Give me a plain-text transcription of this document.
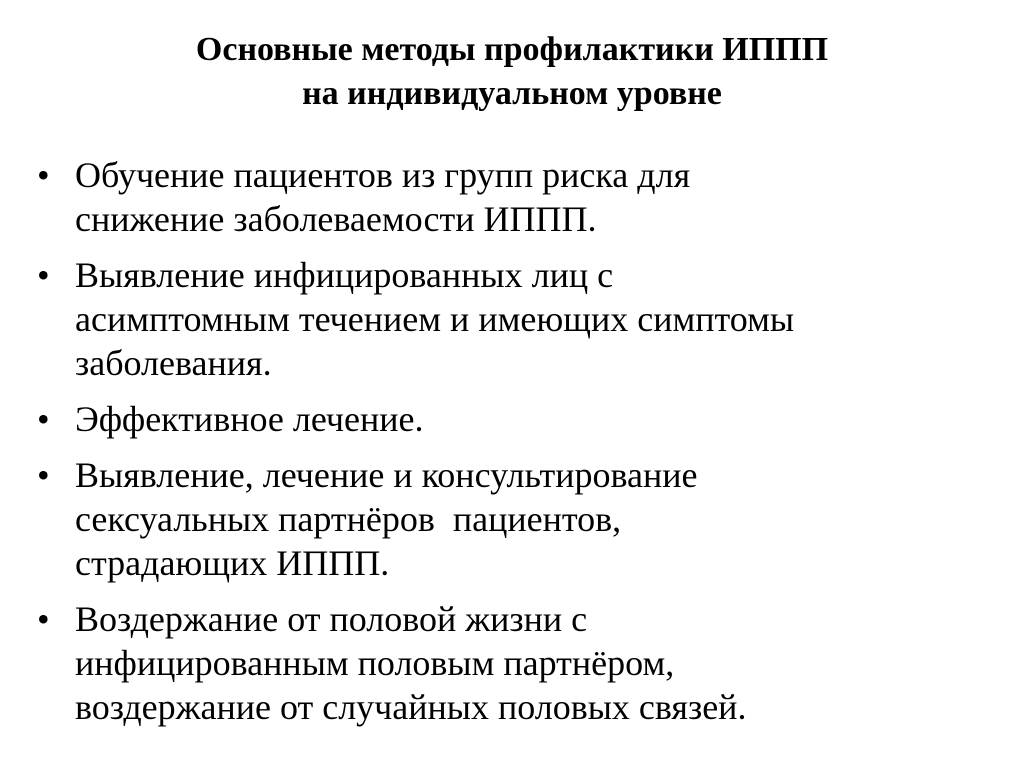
Основные методы профилактики ИППП
на индивидуальном уровне
• Обучение пациентов из групп риска для
снижение заболеваемости ИППП.
• Выявление инфицированных лиц с
асимптомным течением и имеющих симптомы
заболевания.
• Эффективное лечение.
• Выявление, лечение и консультирование
сексуальных партнёров  пациентов,
страдающих ИППП.
• Воздержание от половой жизни с
инфицированным половым партнёром,
воздержание от случайных половых связей.
